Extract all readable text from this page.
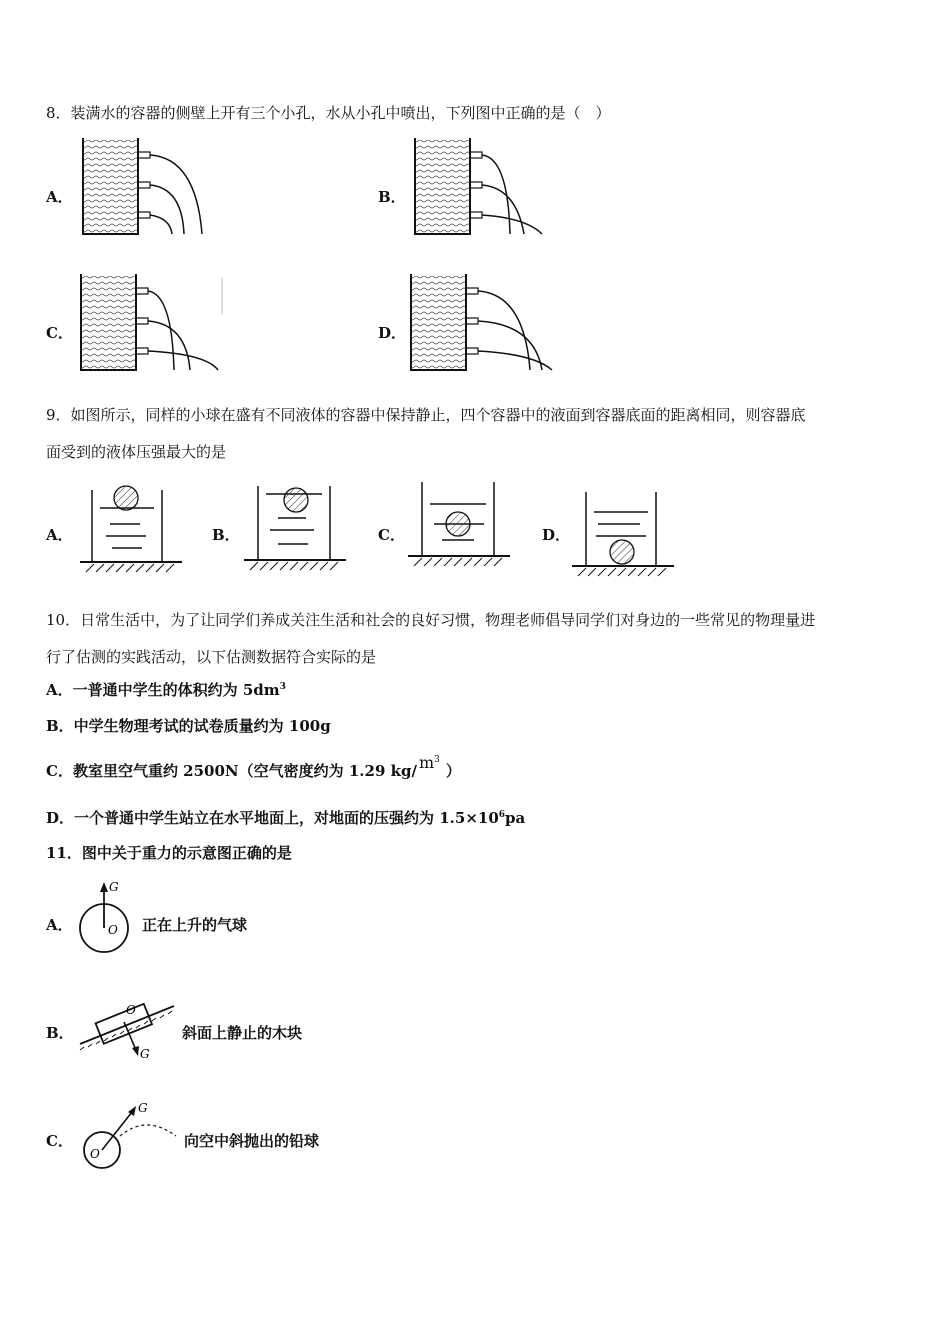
8．装满水的容器的侧壁上开有三个小孔，水从小孔中喷出，下列图中正确的是（　）
A．	B．
C．	D．
9．如图所示，同样的小球在盛有不同液体的容器中保持静止，四个容器中的液面到容器底面的距离相同，则容器底
面受到的液体压强最大的是
A．	B．	C．	D．
10．日常生活中，为了让同学们养成关注生活和社会的良好习惯，物理老师倡导同学们对身边的一些常见的物理量进
行了估测的实践活动，以下估测数据符合实际的是
A．一普通中学生的体积约为 $5dm^3$
B．中学生物理考试的试卷质量约为 100g
C．教室里空气重约 2500N（空气密度约为 1.29 kg/ $m^3$）
D．一个普通中学生站立在水平地面上，对地面的压强约为 $1.5\times 10^6pa$
11．图中关于重力的示意图正确的是
G
O
A．	正在上升的气球
O
G
B．	斜面上静止的木块
G
O
C．	向空中斜抛出的铅球
